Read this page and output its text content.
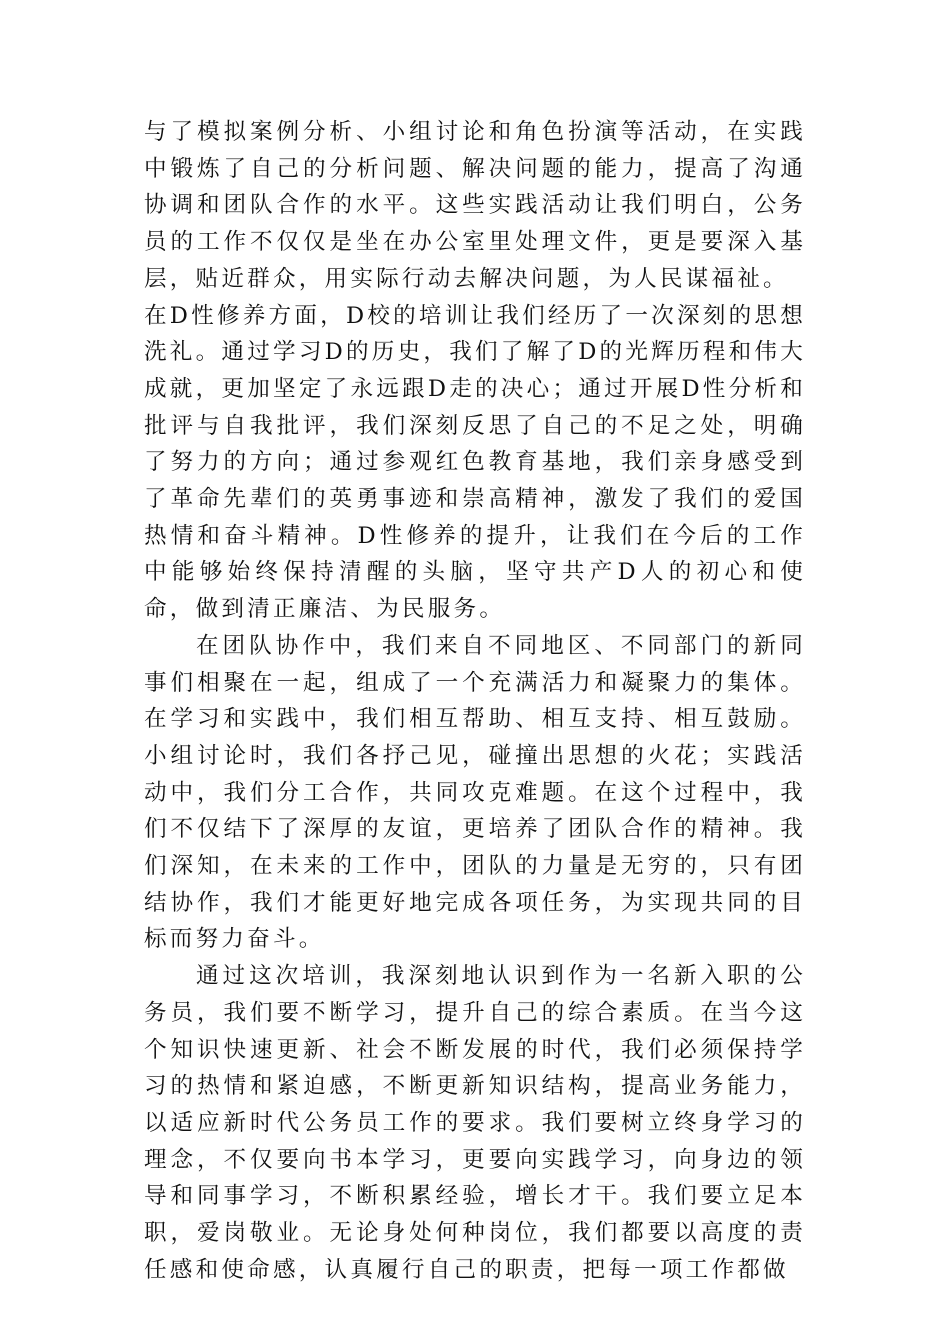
与了模拟案例分析、小组讨论和角色扮演等活动，在实践中锻炼了自己的分析问题、解决问题的能力，提高了沟通协调和团队合作的水平。这些实践活动让我们明白，公务员的工作不仅仅是坐在办公室里处理文件，更是要深入基层，贴近群众，用实际行动去解决问题，为人民谋福祉。

在D性修养方面，D校的培训让我们经历了一次深刻的思想洗礼。通过学习D的历史，我们了解了D的光辉历程和伟大成就，更加坚定了永远跟D走的决心；通过开展D性分析和批评与自我批评，我们深刻反思了自己的不足之处，明确了努力的方向；通过参观红色教育基地，我们亲身感受到了革命先辈们的英勇事迹和崇高精神，激发了我们的爱国热情和奋斗精神。D性修养的提升，让我们在今后的工作中能够始终保持清醒的头脑，坚守共产D人的初心和使命，做到清正廉洁、为民服务。

在团队协作中，我们来自不同地区、不同部门的新同事们相聚在一起，组成了一个充满活力和凝聚力的集体。在学习和实践中，我们相互帮助、相互支持、相互鼓励。小组讨论时，我们各抒己见，碰撞出思想的火花；实践活动中，我们分工合作，共同攻克难题。在这个过程中，我们不仅结下了深厚的友谊，更培养了团队合作的精神。我们深知，在未来的工作中，团队的力量是无穷的，只有团结协作，我们才能更好地完成各项任务，为实现共同的目标而努力奋斗。

通过这次培训，我深刻地认识到作为一名新入职的公务员，我们要不断学习，提升自己的综合素质。在当今这个知识快速更新、社会不断发展的时代，我们必须保持学习的热情和紧迫感，不断更新知识结构，提高业务能力，以适应新时代公务员工作的要求。我们要树立终身学习的理念，不仅要向书本学习，更要向实践学习，向身边的领导和同事学习，不断积累经验，增长才干。我们要立足本职，爱岗敬业。无论身处何种岗位，我们都要以高度的责任感和使命感，认真履行自己的职责，把每一项工作都做
